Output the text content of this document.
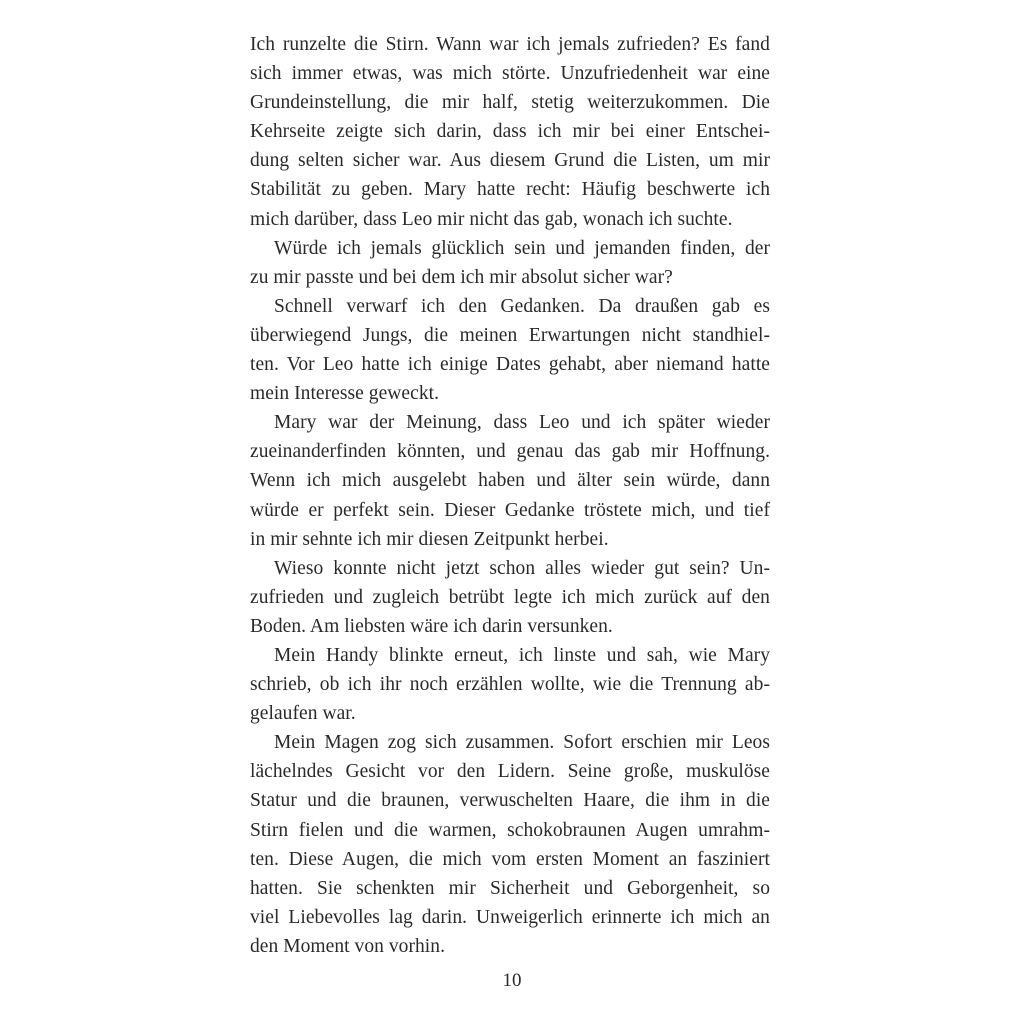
Ich runzelte die Stirn. Wann war ich jemals zufrieden? Es fand
sich immer etwas, was mich störte. Unzufriedenheit war eine
Grundeinstellung, die mir half, stetig weiterzukommen. Die
Kehrseite zeigte sich darin, dass ich mir bei einer Entschei-
dung selten sicher war. Aus diesem Grund die Listen, um mir
Stabilität zu geben. Mary hatte recht: Häufig beschwerte ich
mich darüber, dass Leo mir nicht das gab, wonach ich suchte.
Würde ich jemals glücklich sein und jemanden finden, der
zu mir passte und bei dem ich mir absolut sicher war?
Schnell verwarf ich den Gedanken. Da draußen gab es
überwiegend Jungs, die meinen Erwartungen nicht standhiel-
ten. Vor Leo hatte ich einige Dates gehabt, aber niemand hatte
mein Interesse geweckt.
Mary war der Meinung, dass Leo und ich später wieder
zueinanderfinden könnten, und genau das gab mir Hoffnung.
Wenn ich mich ausgelebt haben und älter sein würde, dann
würde er perfekt sein. Dieser Gedanke tröstete mich, und tief
in mir sehnte ich mir diesen Zeitpunkt herbei.
Wieso konnte nicht jetzt schon alles wieder gut sein? Un-
zufrieden und zugleich betrübt legte ich mich zurück auf den
Boden. Am liebsten wäre ich darin versunken.
Mein Handy blinkte erneut, ich linste und sah, wie Mary
schrieb, ob ich ihr noch erzählen wollte, wie die Trennung ab-
gelaufen war.
Mein Magen zog sich zusammen. Sofort erschien mir Leos
lächelndes Gesicht vor den Lidern. Seine große, muskulöse
Statur und die braunen, verwuschelten Haare, die ihm in die
Stirn fielen und die warmen, schokobraunen Augen umrahm-
ten. Diese Augen, die mich vom ersten Moment an fasziniert
hatten. Sie schenkten mir Sicherheit und Geborgenheit, so
viel Liebevolles lag darin. Unweigerlich erinnerte ich mich an
den Moment von vorhin.
10
